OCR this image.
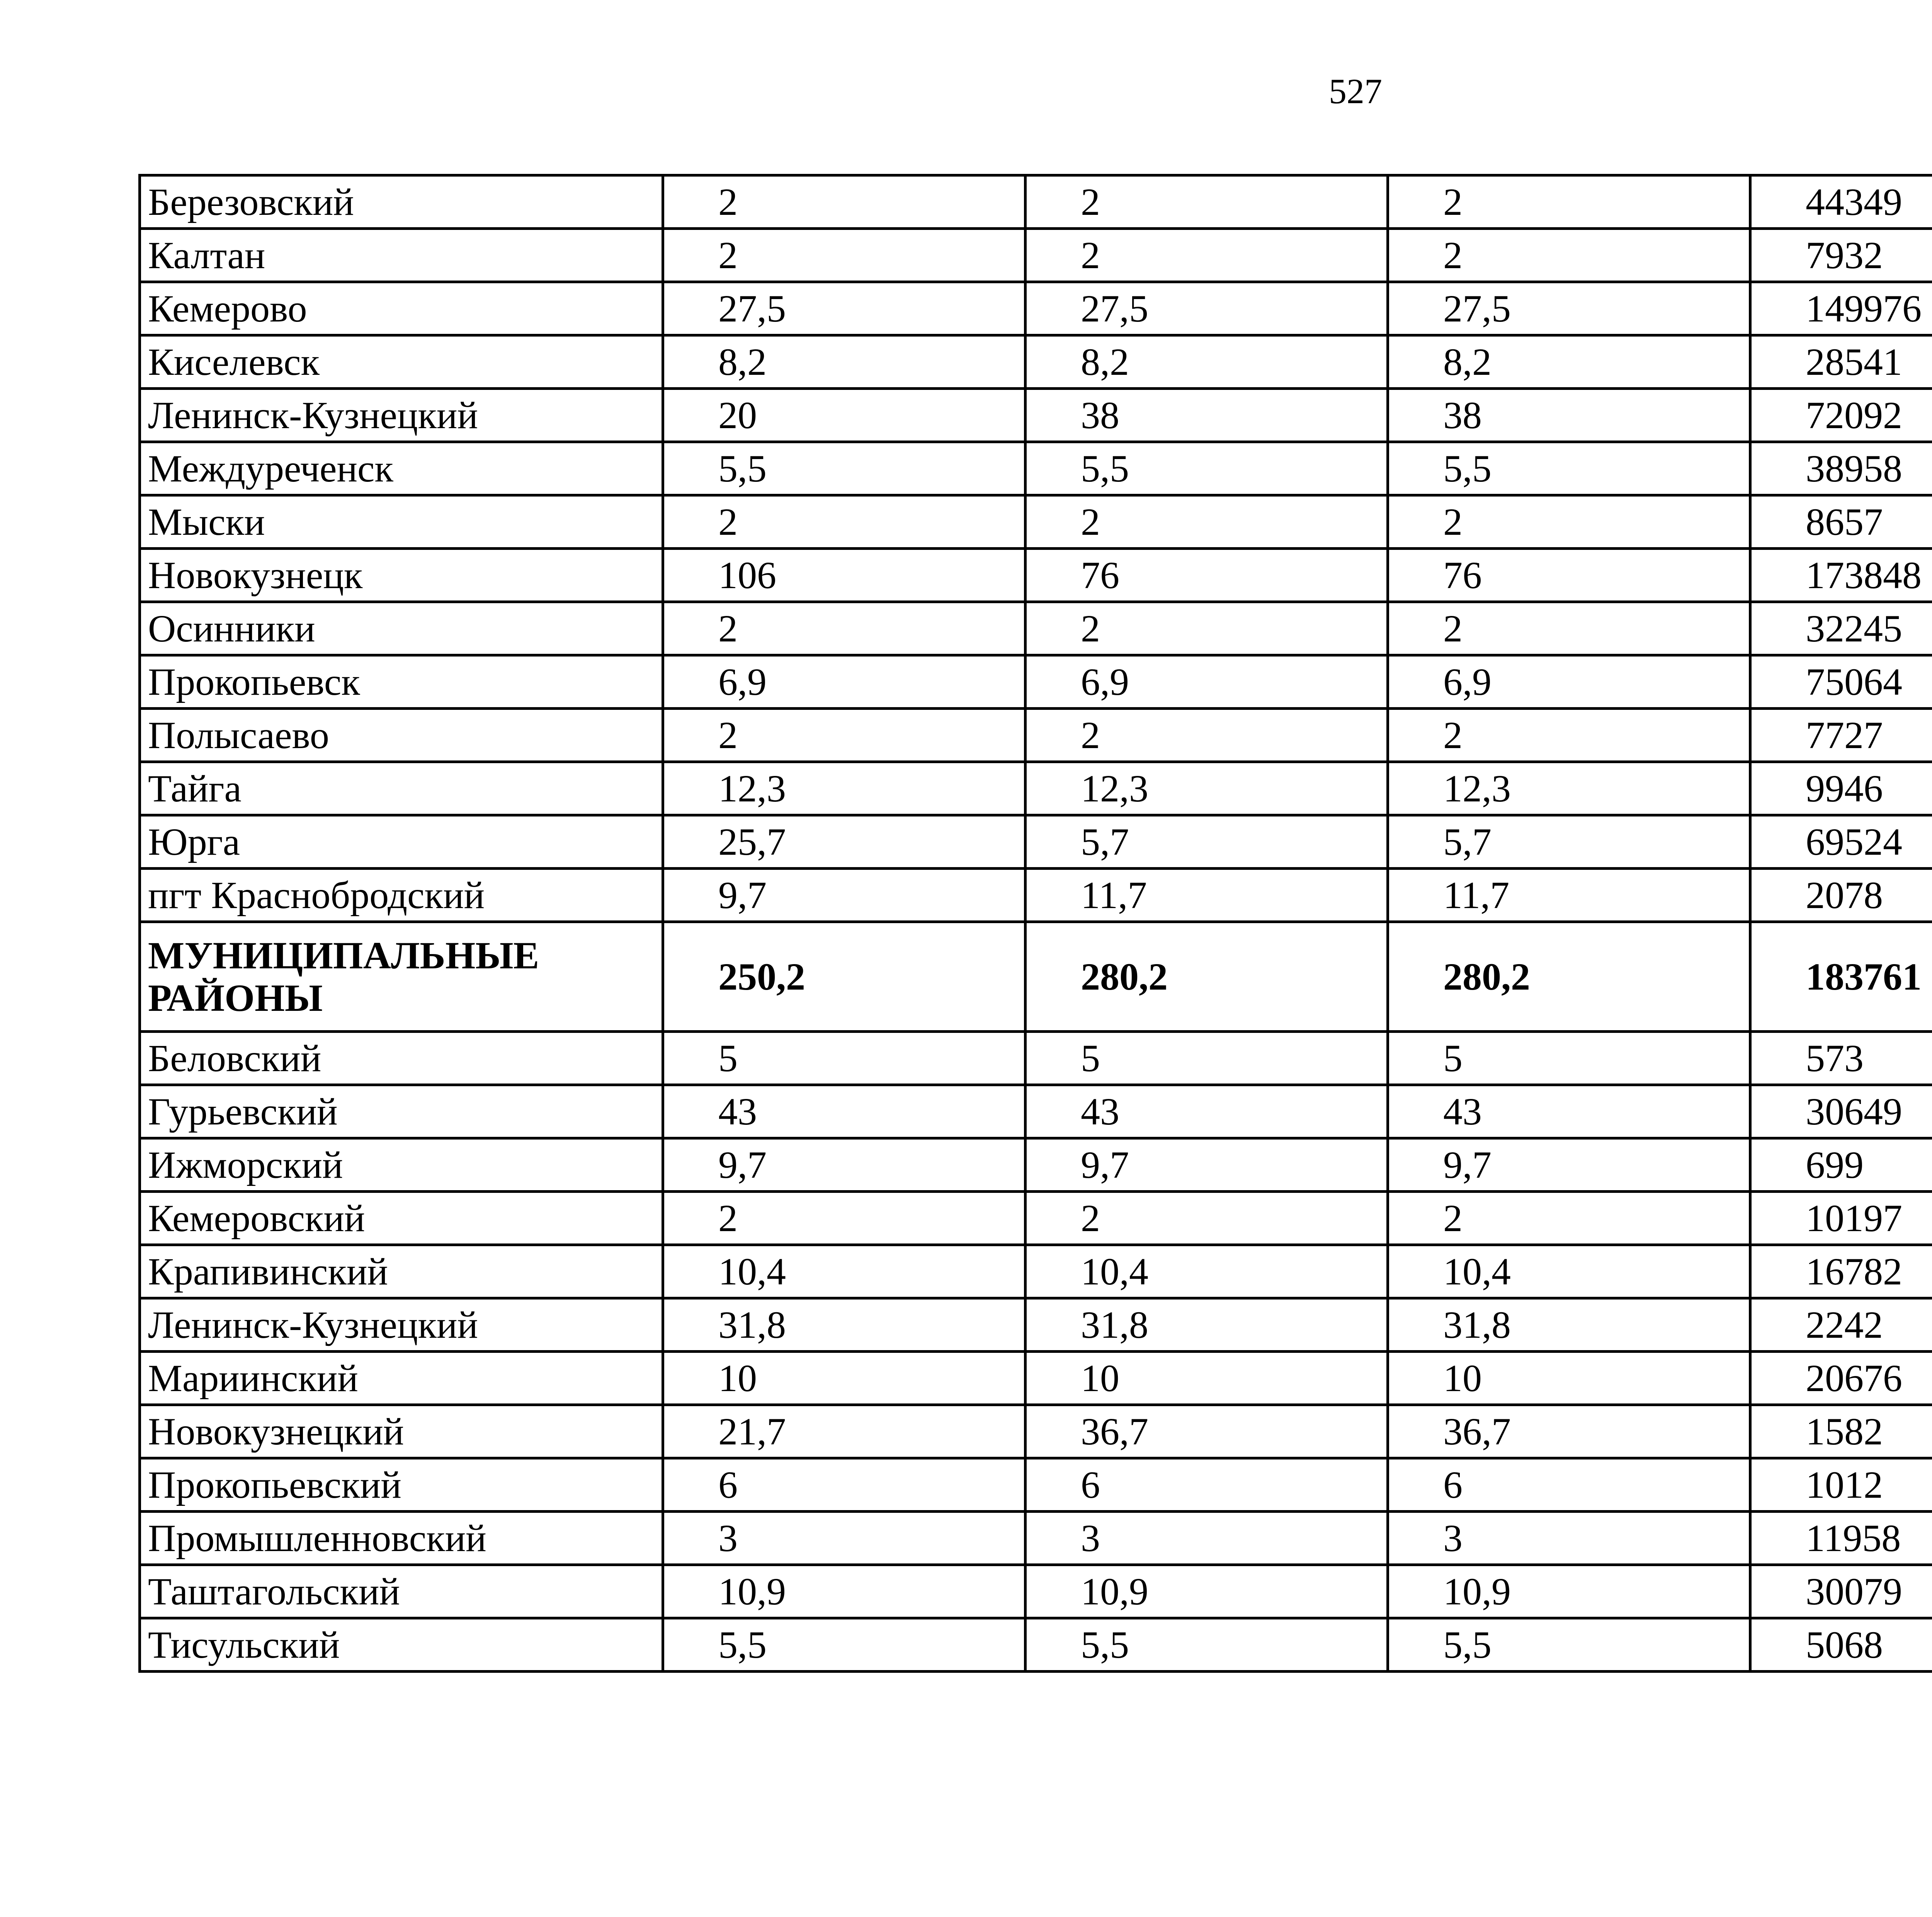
527
Березовский	2	2	2	44349		
Калтан	2	2	2	7932		
Кемерово	27,5	27,5	27,5	149976		
Киселевск	8,2	8,2	8,2	28541		
Ленинск-Кузнецкий	20	38	38	72092		
Междуреченск	5,5	5,5	5,5	38958		
Мыски	2	2	2	8657		
Новокузнецк	106	76	76	173848		
Осинники	2	2	2	32245		
Прокопьевск	6,9	6,9	6,9	75064		
Полысаево	2	2	2	7727		
Тайга	12,3	12,3	12,3	9946		
Юрга	25,7	5,7	5,7	69524		
пгт Краснобродский	9,7	11,7	11,7	2078		
МУНИЦИПАЛЬНЫЕ РАЙОНЫ	250,2	280,2	280,2	183761		
Беловский	5	5	5	573		
Гурьевский	43	43	43	30649		
Ижморский	9,7	9,7	9,7	699		
Кемеровский	2	2	2	10197		
Крапивинский	10,4	10,4	10,4	16782		
Ленинск-Кузнецкий	31,8	31,8	31,8	2242		
Мариинский	10	10	10	20676		
Новокузнецкий	21,7	36,7	36,7	1582		
Прокопьевский	6	6	6	1012		
Промышленновский	3	3	3	11958		
Таштагольский	10,9	10,9	10,9	30079		
Тисульский	5,5	5,5	5,5	5068		
